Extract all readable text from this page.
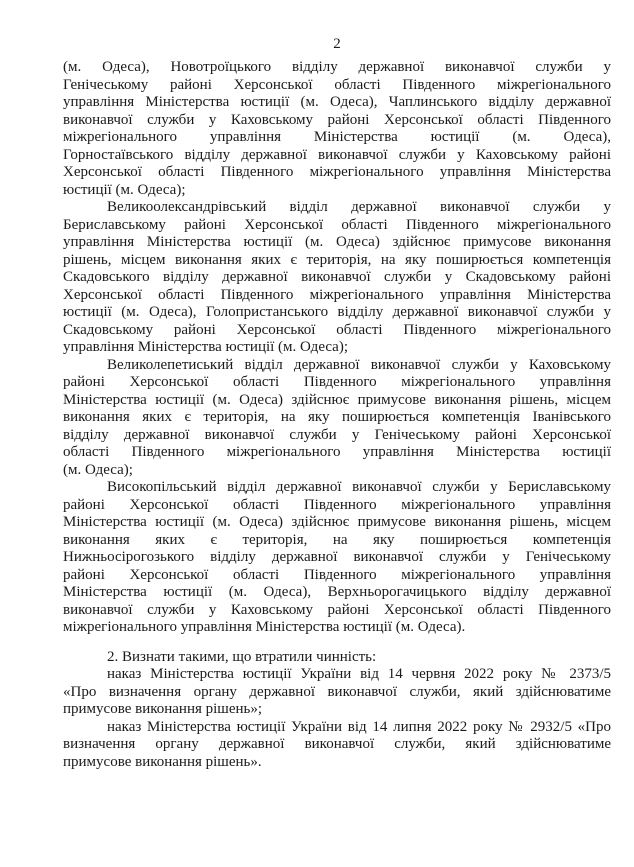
2
(м. Одеса), Новотроїцького відділу державної виконавчої служби у
Генічеському районі Херсонської області Південного міжрегіонального
управління Міністерства юстиції (м. Одеса), Чаплинського відділу державної
виконавчої служби у Каховському районі Херсонської області Південного
міжрегіонального управління Міністерства юстиції (м. Одеса),
Горностаївського відділу державної виконавчої служби у Каховському районі
Херсонської області Південного міжрегіонального управління Міністерства
юстиції (м. Одеса);
Великоолександрівський відділ державної виконавчої служби у
Бериславському районі Херсонської області Південного міжрегіонального
управління Міністерства юстиції (м. Одеса) здійснює примусове виконання
рішень, місцем виконання яких є територія, на яку поширюється компетенція
Скадовського відділу державної виконавчої служби у Скадовському районі
Херсонської області Південного міжрегіонального управління Міністерства
юстиції (м. Одеса), Голопристанського відділу державної виконавчої служби у
Скадовському районі Херсонської області Південного міжрегіонального
управління Міністерства юстиції (м. Одеса);
Великолепетиський відділ державної виконавчої служби у Каховському
районі Херсонської області Південного міжрегіонального управління
Міністерства юстиції (м. Одеса) здійснює примусове виконання рішень, місцем
виконання яких є територія, на яку поширюється компетенція Іванівського
відділу державної виконавчої служби у Генічеському районі Херсонської
області Південного міжрегіонального управління Міністерства юстиції
(м. Одеса);
Високопільський відділ державної виконавчої служби у Бериславському
районі Херсонської області Південного міжрегіонального управління
Міністерства юстиції (м. Одеса) здійснює примусове виконання рішень, місцем
виконання яких є територія, на яку поширюється компетенція
Нижньосірогозького відділу державної виконавчої служби у Генічеському
районі Херсонської області Південного міжрегіонального управління
Міністерства юстиції (м. Одеса), Верхньорогачицького відділу державної
виконавчої служби у Каховському районі Херсонської області Південного
міжрегіонального управління Міністерства юстиції (м. Одеса).
2. Визнати такими, що втратили чинність:
наказ Міністерства юстиції України від 14 червня 2022 року № 2373/5
«Про визначення органу державної виконавчої служби, який здійснюватиме
примусове виконання рішень»;
наказ Міністерства юстиції України від 14 липня 2022 року № 2932/5 «Про
визначення органу державної виконавчої служби, який здійснюватиме
примусове виконання рішень».
